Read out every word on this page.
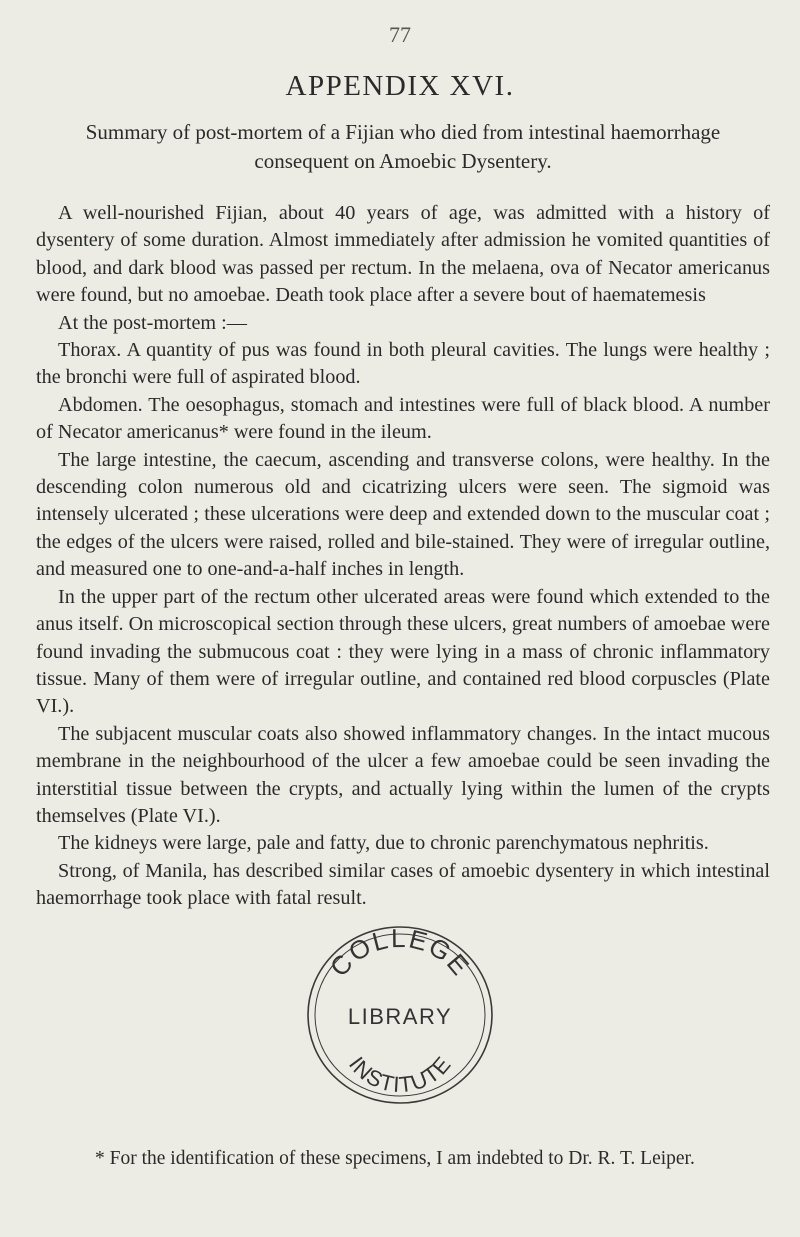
77
APPENDIX XVI.
Summary of post-mortem of a Fijian who died from intestinal haemorrhage consequent on Amoebic Dysentery.

A well-nourished Fijian, about 40 years of age, was admitted with a history of dysentery of some duration. Almost immediately after admission he vomited quantities of blood, and dark blood was passed per rectum. In the melaena, ova of Necator americanus were found, but no amoebae. Death took place after a severe bout of haematemesis

At the post-mortem :—

Thorax. A quantity of pus was found in both pleural cavities. The lungs were healthy ; the bronchi were full of aspirated blood.

Abdomen. The oesophagus, stomach and intestines were full of black blood. A number of Necator americanus* were found in the ileum.

The large intestine, the caecum, ascending and transverse colons, were healthy. In the descending colon numerous old and cicatrizing ulcers were seen. The sigmoid was intensely ulcerated ; these ulcerations were deep and extended down to the muscular coat ; the edges of the ulcers were raised, rolled and bile-stained. They were of irregular outline, and measured one to one-and-a-half inches in length.

In the upper part of the rectum other ulcerated areas were found which extended to the anus itself. On microscopical section through these ulcers, great numbers of amoebae were found invading the submucous coat : they were lying in a mass of chronic inflammatory tissue. Many of them were of irregular outline, and contained red blood corpuscles (Plate VI.).

The subjacent muscular coats also showed inflammatory changes. In the intact mucous membrane in the neighbourhood of the ulcer a few amoebae could be seen invading the interstitial tissue between the crypts, and actually lying within the lumen of the crypts themselves (Plate VI.).

The kidneys were large, pale and fatty, due to chronic parenchymatous nephritis.

Strong, of Manila, has described similar cases of amoebic dysentery in which intestinal haemorrhage took place with fatal result.

COLLEGE
LIBRARY
INSTITUTE
* For the identification of these specimens, I am indebted to Dr. R. T. Leiper.
